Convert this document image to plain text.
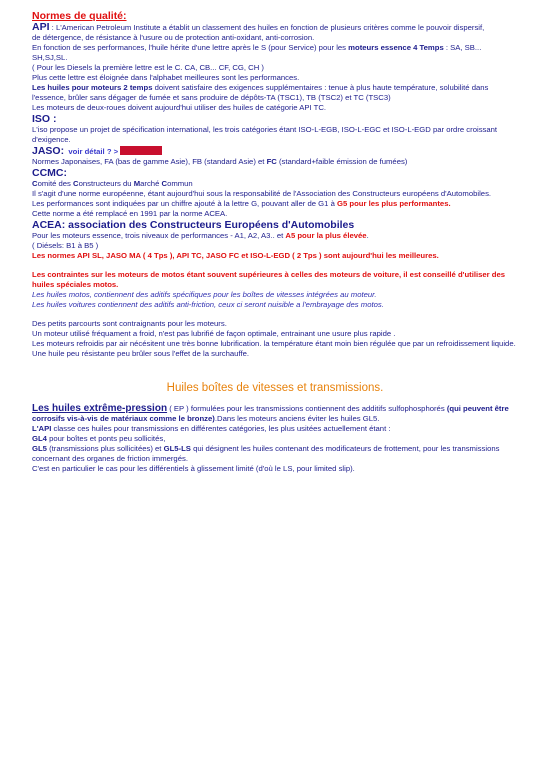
Normes de qualité:

API : L'American Petroleum Institute a établit un classement des huiles en fonction de plusieurs critères comme le pouvoir dispersif,

de détergence, de résistance à l'usure ou de protection anti-oxidant, anti-corrosion.

En fonction de ses performances, l'huile hérite d'une lettre après le S (pour Service) pour les moteurs essence 4 Temps : SA, SB... SH,SJ,SL.

( Pour les Diesels la première lettre est le C. CA, CB... CF, CG, CH )

Plus cette lettre est éloignée dans l'alphabet meilleures sont les performances.

Les huiles pour moteurs 2 temps doivent satisfaire des exigences supplémentaires : tenue à plus haute température, solubilité dans l'essence, brûler sans dégager de fumée et sans produire de dépôts-TA (TSC1), TB (TSC2) et TC (TSC3)

Les moteurs de deux-roues doivent aujourd'hui utiliser des huiles de catégorie API TC.

ISO :

L'iso propose un projet de spécification international, les trois catégories étant ISO-L-EGB, ISO-L-EGC et ISO-L-EGD par ordre croissant d'exigence.

JASO: voir détail ? >

Normes Japonaises, FA (bas de gamme Asie), FB (standard Asie) et FC (standard+faible émission de fumées)

CCMC:

Comité des Constructeurs du Marché Commun

Il s'agit d'une norme européenne, étant aujourd'hui sous la responsabilité de l'Association des Constructeurs européens d'Automobiles.

Les performances sont indiquées par un chiffre ajouté à la lettre G, pouvant aller de G1 à G5 pour les plus performantes.

Cette norme a été remplacé en 1991 par la norme ACEA.

ACEA: association des Constructeurs Européens d'Automobiles

Pour les moteurs essence, trois niveaux de performances - A1, A2, A3.. et A5 pour la plus élevée.

( Diésels: B1 à B5 )

Les normes API SL, JASO MA ( 4 Tps ), API TC, JASO FC et ISO-L-EGD ( 2 Tps ) sont aujourd'hui les meilleures.

Les contraintes sur les moteurs de motos étant souvent supérieures à celles des moteurs de voiture, il est conseillé d'utiliser des huiles spéciales motos.

Les huiles motos, contiennent des aditifs spécifiques pour les boîtes de vitesses intégrées au moteur.

Les huiles voitures contiennent des aditifs anti-friction, ceux ci seront nuisible a l'embrayage des motos.

Des petits parcourts sont contraignants pour les moteurs.

Un moteur utilisé fréquament a froid, n'est pas lubrifié de façon optimale, entrainant une usure plus rapide .

Les moteurs refroidis par air nécésitent une très bonne lubrification. la température étant moin bien régulée que par un refroidissement liquide. Une huile peu résistante peu brûler sous l'effet de la surchauffe.

Huiles boîtes de vitesses et transmissions.

Les huiles extrême-pression ( EP ) formulées pour les transmissions contiennent des additifs sulfophosphorés (qui peuvent être corrosifs vis-à-vis de matériaux comme le bronze).Dans les moteurs anciens éviter les huiles GL5.

L'API classe ces huiles pour transmissions en différentes catégories, les plus usitées actuellement étant :

GL4 pour boîtes et ponts peu sollicités,

GL5 (transmissions plus sollicitées) et GL5-LS qui désignent les huiles contenant des modificateurs de frottement, pour les transmissions concernant des organes de friction immergés.

C'est en particulier le cas pour les différentiels à glissement limité (d'où le LS, pour limited slip).
